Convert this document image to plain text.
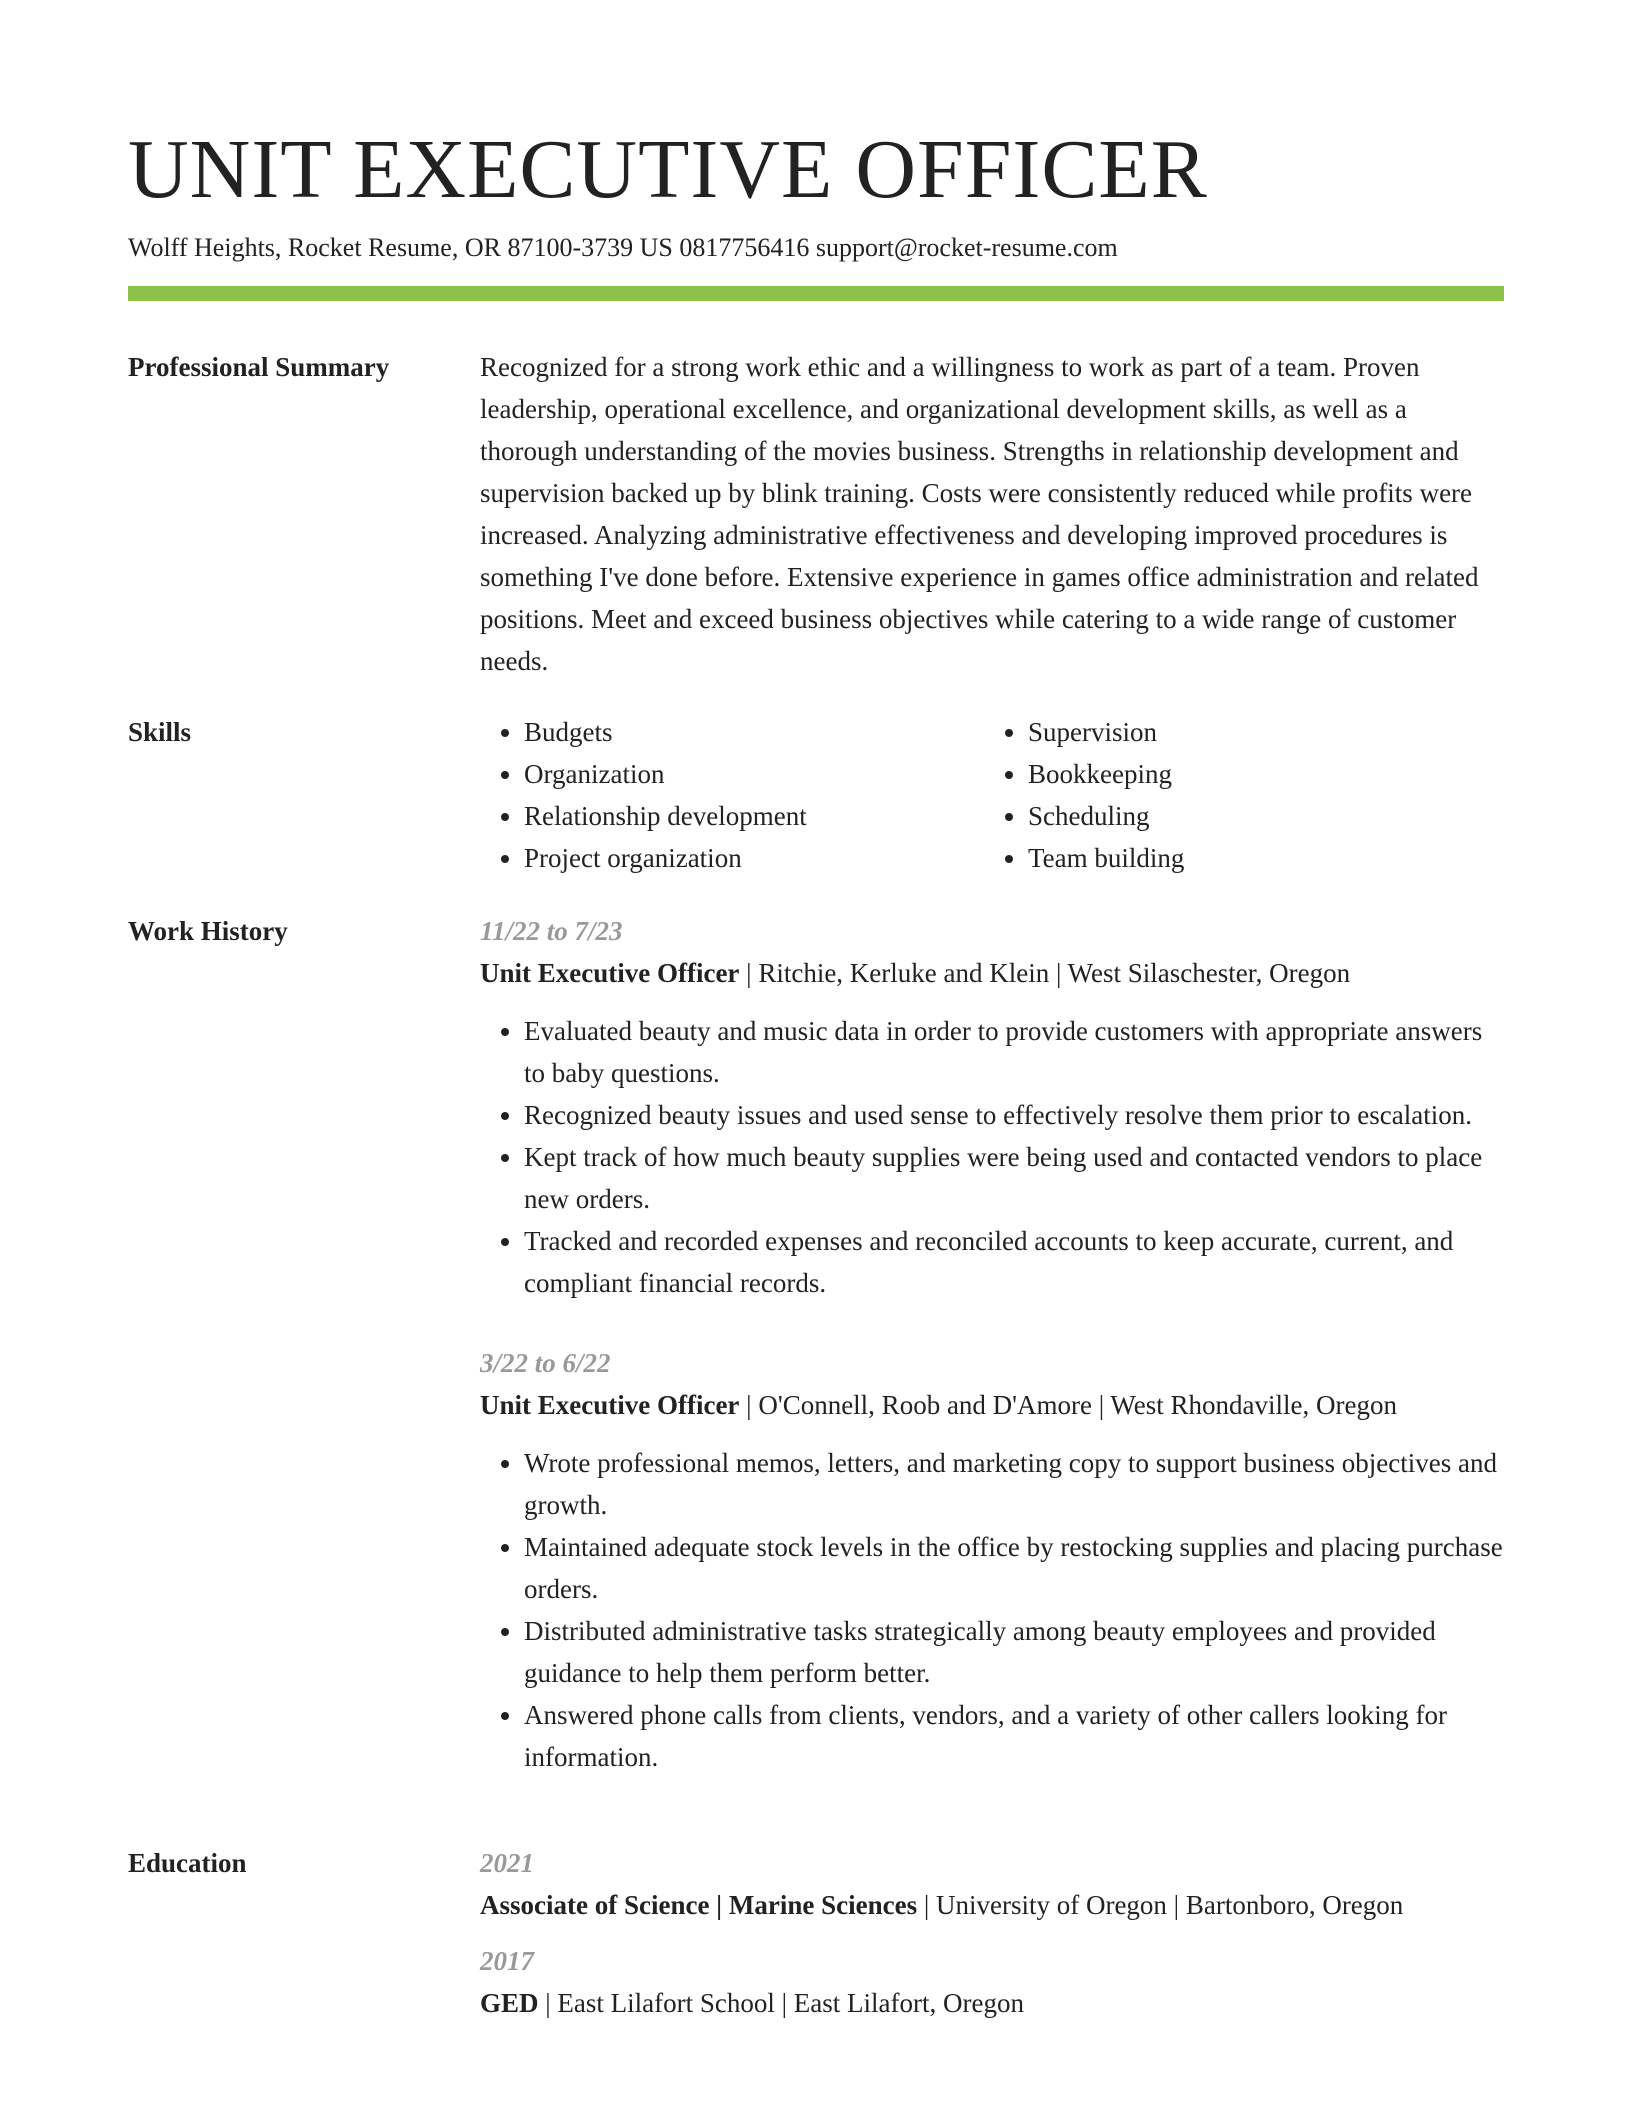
UNIT EXECUTIVE OFFICER
Wolff Heights, Rocket Resume, OR 87100-3739 US 0817756416 support@rocket-resume.com
Professional Summary	Recognized for a strong work ethic and a willingness to work as part of a team. Proven leadership, operational excellence, and organizational development skills, as well as a thorough understanding of the movies business. Strengths in relationship development and supervision backed up by blink training. Costs were consistently reduced while profits were increased. Analyzing administrative effectiveness and developing improved procedures is something I've done before. Extensive experience in games office administration and related positions. Meet and exceed business objectives while catering to a wide range of customer needs.

Skills
•	Budgets
• Organization
• Relationship development
• Project organization
• Supervision
• Bookkeeping
• Scheduling
• Team building
Work History	11/22 to 7/23
Unit Executive Officer | Ritchie, Kerluke and Klein | West Silaschester, Oregon
• Evaluated beauty and music data in order to provide customers with appropriate answers to baby questions.
• Recognized beauty issues and used sense to effectively resolve them prior to escalation.
• Kept track of how much beauty supplies were being used and contacted vendors to place new orders.
• Tracked and recorded expenses and reconciled accounts to keep accurate, current, and compliant financial records.
3/22 to 6/22
Unit Executive Officer | O'Connell, Roob and D'Amore | West Rhondaville, Oregon
• Wrote professional memos, letters, and marketing copy to support business objectives and growth.
• Maintained adequate stock levels in the office by restocking supplies and placing purchase orders.
• Distributed administrative tasks strategically among beauty employees and provided guidance to help them perform better.
• Answered phone calls from clients, vendors, and a variety of other callers looking for information.
Education	2021
Associate of Science | Marine Sciences | University of Oregon | Bartonboro, Oregon
2017
GED | East Lilafort School | East Lilafort, Oregon
